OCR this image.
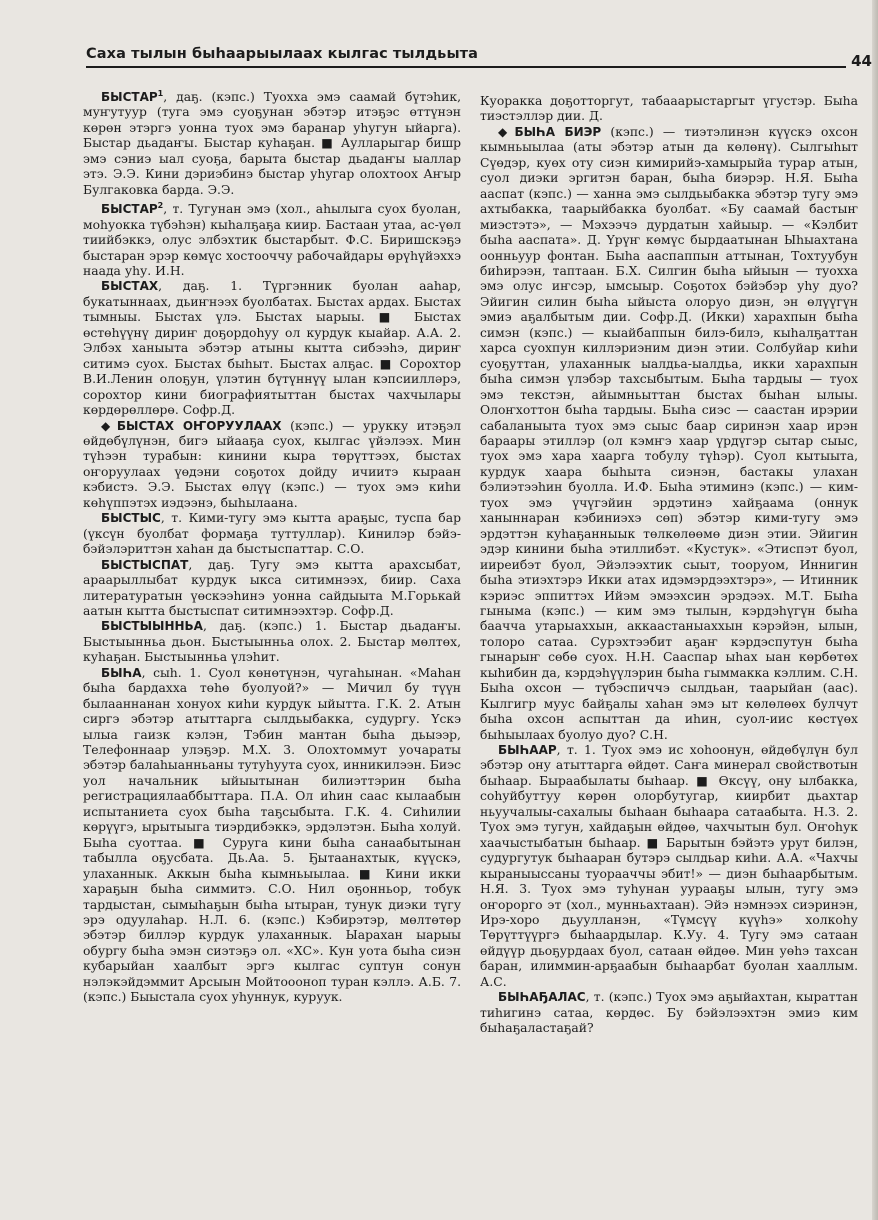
Саха тылын быһаарыылаах кылгас тылдьыта	44

БЫСТАР$^1$, даҕ. (кэпс.) Туохха эмэ саамай бүтэһик, муҥутуур (туга эмэ суоҕунан эбэтэр итэҕэс өттүнэн көрөн этэргэ уонна туох эмэ баранар уһугун ыйарга). Быстар дьадаҥы. Быстар куһаҕан. ■ Аулларыгар бишр эмэ сэниэ ыал суоҕа, барыта быстар дьадаҥы ыаллар этэ. Э.Э. Кини дэриэбинэ быстар уһугар олохтоох Аҥыр Булгаковка барда. Э.Э.

БЫСТАР$^2$, т. Тугунан эмэ (хол., аһылыга суох буолан, моһуокка түбэһэн) кыһалҕаҕа киир. Бастаан утаа, ас-үөл тиийбэккэ, олус элбэхтик быстарбыт. Ф.С. Биришскэҕэ быстаран эрэр көмүс хостооччу рабочайдары өрүһүйэххэ наада уһу. И.Н.

БЫСТАХ, даҕ. 1. Түргэнник буолан ааһар, букатыннаах, дьиҥнээх буолбатах. Быстах ардах. Быстах тымныы. Быстах үлэ. Быстах ыарыы. ■ Быстах өстөһүүнү дириҥ доҕордоһуу ол курдук кыайар. А.А. 2. Элбэх ханыыта эбэтэр атыны кытта сибээһэ, дириҥ ситимэ суох. Быстах быһыт. Быстах алҕас. ■ Сорохтор В.И.Ленин олоҕун, үлэтин бүтүннүү ылан кэпсиилләрэ, сорохтор кини биографиятыттан быстах чахчылары көрдөрөллөрө. Софр.Д.

◆ БЫСТАХ ОҤОРУУЛААХ (кэпс.) — урукку итэҕэл өйдөбүлүнэн, бигэ ыйааҕа суох, кылгас үйэлээх. Мин түһээн турабын: кинини кыра төрүттээх, быстах оҥоруулаах үөдэни соҕотох дойду ичиитэ кыраан кэбистэ. Э.Э. Быстах өлүү (кэпс.) — туох эмэ киһи көһүппэтэх иэдээнэ, быһылаана.

БЫСТЫС, т. Кими-тугу эмэ кытта араҕыс, туспа бар (үксүн буолбат формаҕа туттуллар). Кинилэр бэйэ-бэйэлэриттэн хаһан да быстыспаттар. С.О.

БЫСТЫСПАТ, даҕ. Тугу эмэ кытта арахсыбат, араарыллыбат курдук ыкса ситимнээх, биир. Саха литературатын үөскээһинэ уонна сайдыыта М.Горькай аатын кытта быстыспат ситимнээхтэр. Софр.Д.

БЫСТЫЫННЬА, даҕ. (кэпс.) 1. Быстар дьадаҥы. Быстыынньа дьон. Быстыынньа олох. 2. Быстар мөлтөх, куһаҕан. Быстыынньа үлэһит.

БЫҺА, сыһ. 1. Суол көнөтүнэн, чугаһынан. «Маһан быһа бардахха төһө буолуой?» — Мичил бу түүн былааннанан хонуох киһи курдук ыйытта. Г.К. 2. Атын сиргэ эбэтэр атыттарга сылдьыбакка, судургу. Үскэ ылыа гаизк кэлэн, Тэбин мантан быһа дьыээр, Телефоннаар улэҕэр. М.Х. 3. Олохтоммут уочараты эбэтэр балаһыанньаны тутуһуута суох, инникилээн. Биэс уол начальник ыйыытынан билиэттэрин быһа регистрациялааббыттара. П.А. Ол иһин саас кылаабын испытаниета суох быһа таҕсыбыта. Г.К. 4. Сиһилии көрүүгэ, ырытыыга тиэрдибэккэ, эрдэлэтэн. Быһа холуй. Быһа суоттаа. ■ Суруга кини быһа санаабытынан табылла оҕусбата. Дь.Аа. 5. Ҕытаанахтык, күүскэ, улаханнык. Аккын быһа кымньыылаа. ■ Кини икки хараҕын быһа симмитэ. С.О. Нил оҕонньор, тобук тардыстан, сымыһаҕын быһа ытыран, тунук диэки түгу эрэ одуулаһар. Н.Л. 6. (кэпс.) Кэбирэтэр, мөлтөтөр эбэтэр биллэр курдук улаханнык. Ыарахан ыарыы обургу быһа эмэн сиэтэҕэ ол. «ХС». Кун уота быһа сиэн кубарыйан хаалбыт эргэ кылгас суптун сонун нэлэкэйдэммит Арсыын Мойтоооноп туран кэллэ. А.Б. 7. (кэпс.) Быыстала суох уһуннук, куруук.

Куоракка доҕотторгут, табааарыстаргыт үгустэр. Быһа тиэстэллэр дии. Д.

◆ БЫҺА БИЭР (кэпс.) — тиэтэлинэн күүскэ охсон кымньыылаа (аты эбэтэр атын да көлөнү). Сылгыһыт Сүөдэр, куөх оту сиэн кимирийэ-хамырыйа турар атын, суол диэки эргитэн баран, быһа биэрэр. Н.Я. Быһа ааспат (кэпс.) — ханна эмэ сылдьыбакка эбэтэр тугу эмэ ахтыбакка, таарыйбакка буолбат. «Бу саамай бастыҥ миэстэтэ», — Мэхээчэ дурдатын хайыыр. — «Кэлбит быһа ааспата». Д. Үрүҥ көмүс бырдаатынан Ыһыахтана оонньуур фонтан. Быһа ааспаппын аттынан, Тохтуубун биһирээн, таптаан. Б.Х. Силгин быһа ыйыын — туохха эмэ олус иҥсэр, ымсыыр. Соҕотох бэйэбэр уһу дуо? Эйигин силин быһа ыйыста олоруо диэн, эн өлүүгүн эмиэ аҕалбытым дии. Софр.Д. (Икки) харахпын быһа симэн (кэпс.) — кыайбаппын билэ-билэ, кыһалҕаттан харса суохпун киллэриэним диэн этии. Солбуйар киһи суоҕуттан, улаханнык ыалдьа-ыалдьа, икки харахпын быһа симэн үлэбэр тахсыбытым. Быһа тардыы — туох эмэ текстэн, айымньыттан быстах быһан ылыы. Олоҥхоттон быһа тардыы. Быһа сиэс — саастан ирэрии сабаланыыта туох эмэ сыыс баар сиринэн хаар ирэн бараары этиллэр (ол кэмҥэ хаар үрдүгэр сытар сыыс, туох эмэ хара хаарга тобулу түһэр). Суол кытыыта, курдук хаара быһыта сиэнэн, бастакы улахан бэлиэтээһин буолла. И.Ф. Быһа этиминэ (кэпс.) — ким-туох эмэ үчүгэйин эрдэтинэ хайҕаама (оннук ханыннаран кэбиниэхэ сөп) эбэтэр кими-тугу эмэ эрдэттэн куһаҕанныык төлкөлөөмө диэн этии. Эйигин эдэр кинини быһа этиллибэт. «Кустук». «Этиспэт буол, ииреибэт буол, Эйэлээхтик сыыт, тооруом, Иннигин быһа этиэхтэрэ Икки атах идэмэрдээхтэрэ», — Итинник кэриэс эппиттэх Ийэм эмээхсин эрэдээх. М.Т. Быһа гыныма (кэпс.) — ким эмэ тылын, кэрдэһүгүн быһа баачча утарыаххын, аккаастаныаххын кэрэйэн, ылын, толоро сатаа. Сурэхтээбит аҕаҥ кэрдэспутун быһа гынарыҥ сөбө суох. Н.Н. Сааспар ыһах ыан көрбөтөх кыһибин да, кэрдэһүүлэрин быһа гыммакка кэллим. С.Н. Быһа охсон — түбэспиччэ сылдьан, таарыйан (аас). Кылгигр муус байҕалы хаһан эмэ ыт көлөлөөх булчут быһа охсон аспыттан да иһин, суол-иис көстүөх быһыылаах буолуо дуо? С.Н.

БЫҺААР, т. 1. Туох эмэ ис хоһоонун, өйдөбүлүн бул эбэтэр ону атыттарга өйдөт. Саҥа минерал свойствотын быһаар. Быраабылаты быһаар. ■ Өксүү, ону ылбакка, соһуйбуттуу көрөн олорбутугар, киирбит дьахтар ньуучалыы-сахалыы быһаан быһаара сатаабыта. Н.З. 2. Туох эмэ тугун, хайдаҕын өйдөө, чахчытын бул. Оҥоһук хаачыстыбатын быһаар. ■ Барытын бэйэтэ урут билэн, судургутук быһааран бутэрэ сылдьар киһи. А.А. «Чахчы кыраныыссаны туорааччы эбит!» — диэн быһаарбытым. Н.Я. 3. Туох эмэ туһунан уурааҕы ылын, тугу эмэ оҥорорго эт (хол., мунньахтаан). Эйэ нэмнээх сиэринэн, Ирэ-хоро дьуулланэн, «Түмсүү күүһэ» холкоһу Төрүттүүргэ быһаардылар. К.Уу. 4. Тугу эмэ сатаан өйдүүр дьоҕурдаах буол, сатаан өйдөө. Мин уөһэ тахсан баран, илиммин-арҕаабын быһаарбат буолан хааллым. А.С.

БЫҺАҔАЛАС, т. (кэпс.) Туох эмэ аҕыйахтан, кыраттан тиһигинэ сатаа, көрдөс. Бу бэйэлээхтэн эмиэ ким быһаҕаластаҕай?
